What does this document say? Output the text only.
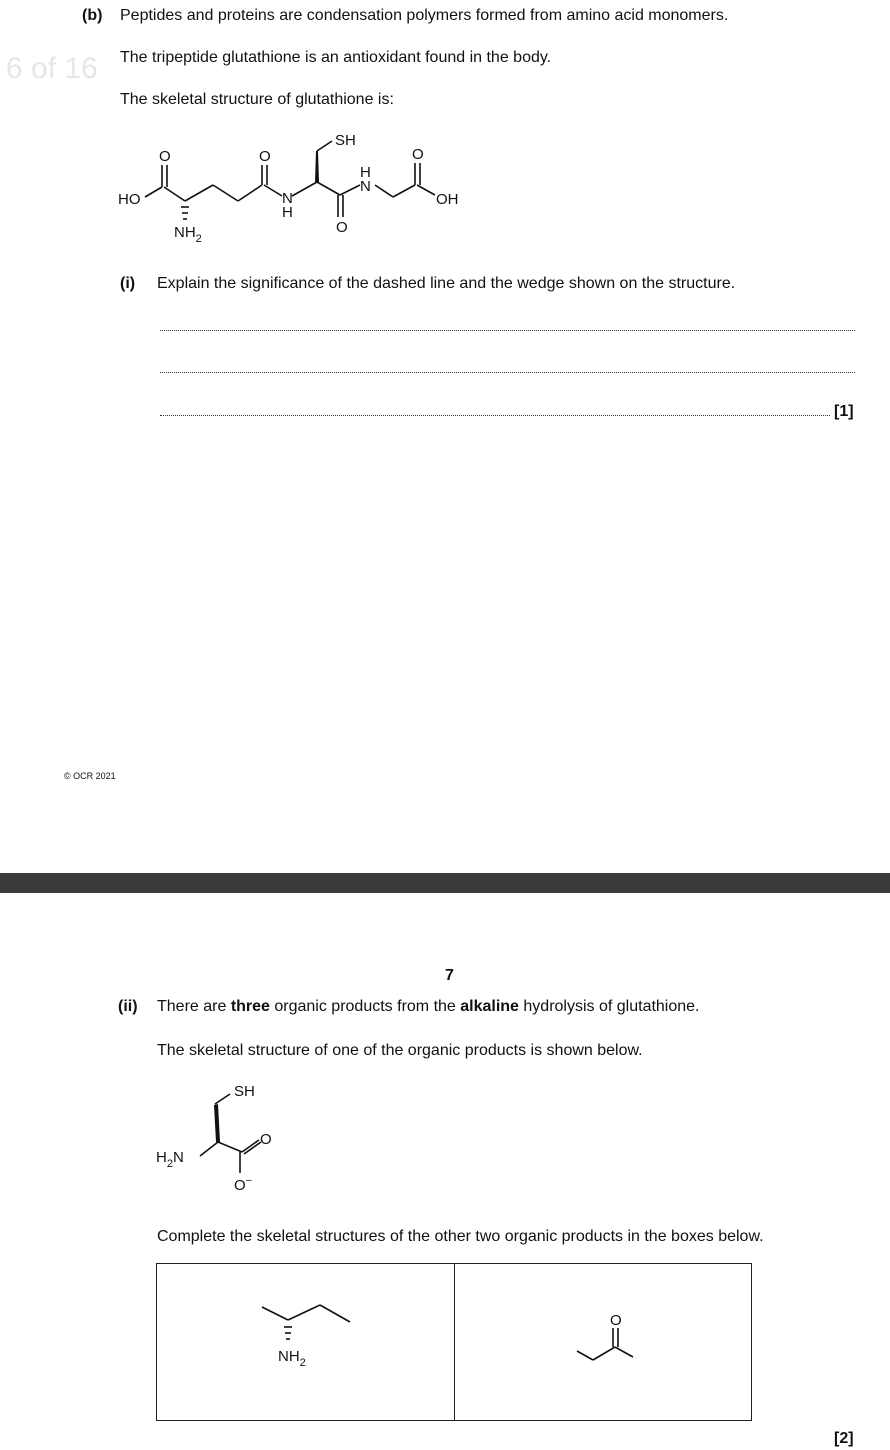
6 of 16
(b) Peptides and proteins are condensation polymers formed from amino acid monomers.
The tripeptide glutathione is an antioxidant found in the body.
The skeletal structure of glutathione is:
HO
O	O	O
O
SH
N
H
H
N
OH
$NH_2$
(i) Explain the significance of the dashed line and the wedge shown on the structure.
[1]
© OCR 2021
7
(ii) There are three organic products from the alkaline hydrolysis of glutathione.
The skeletal structure of one of the organic products is shown below.
SH
$H_2N$
O
O−
Complete the skeletal structures of the other two organic products in the boxes below.
$NH_2$
O
[2]
